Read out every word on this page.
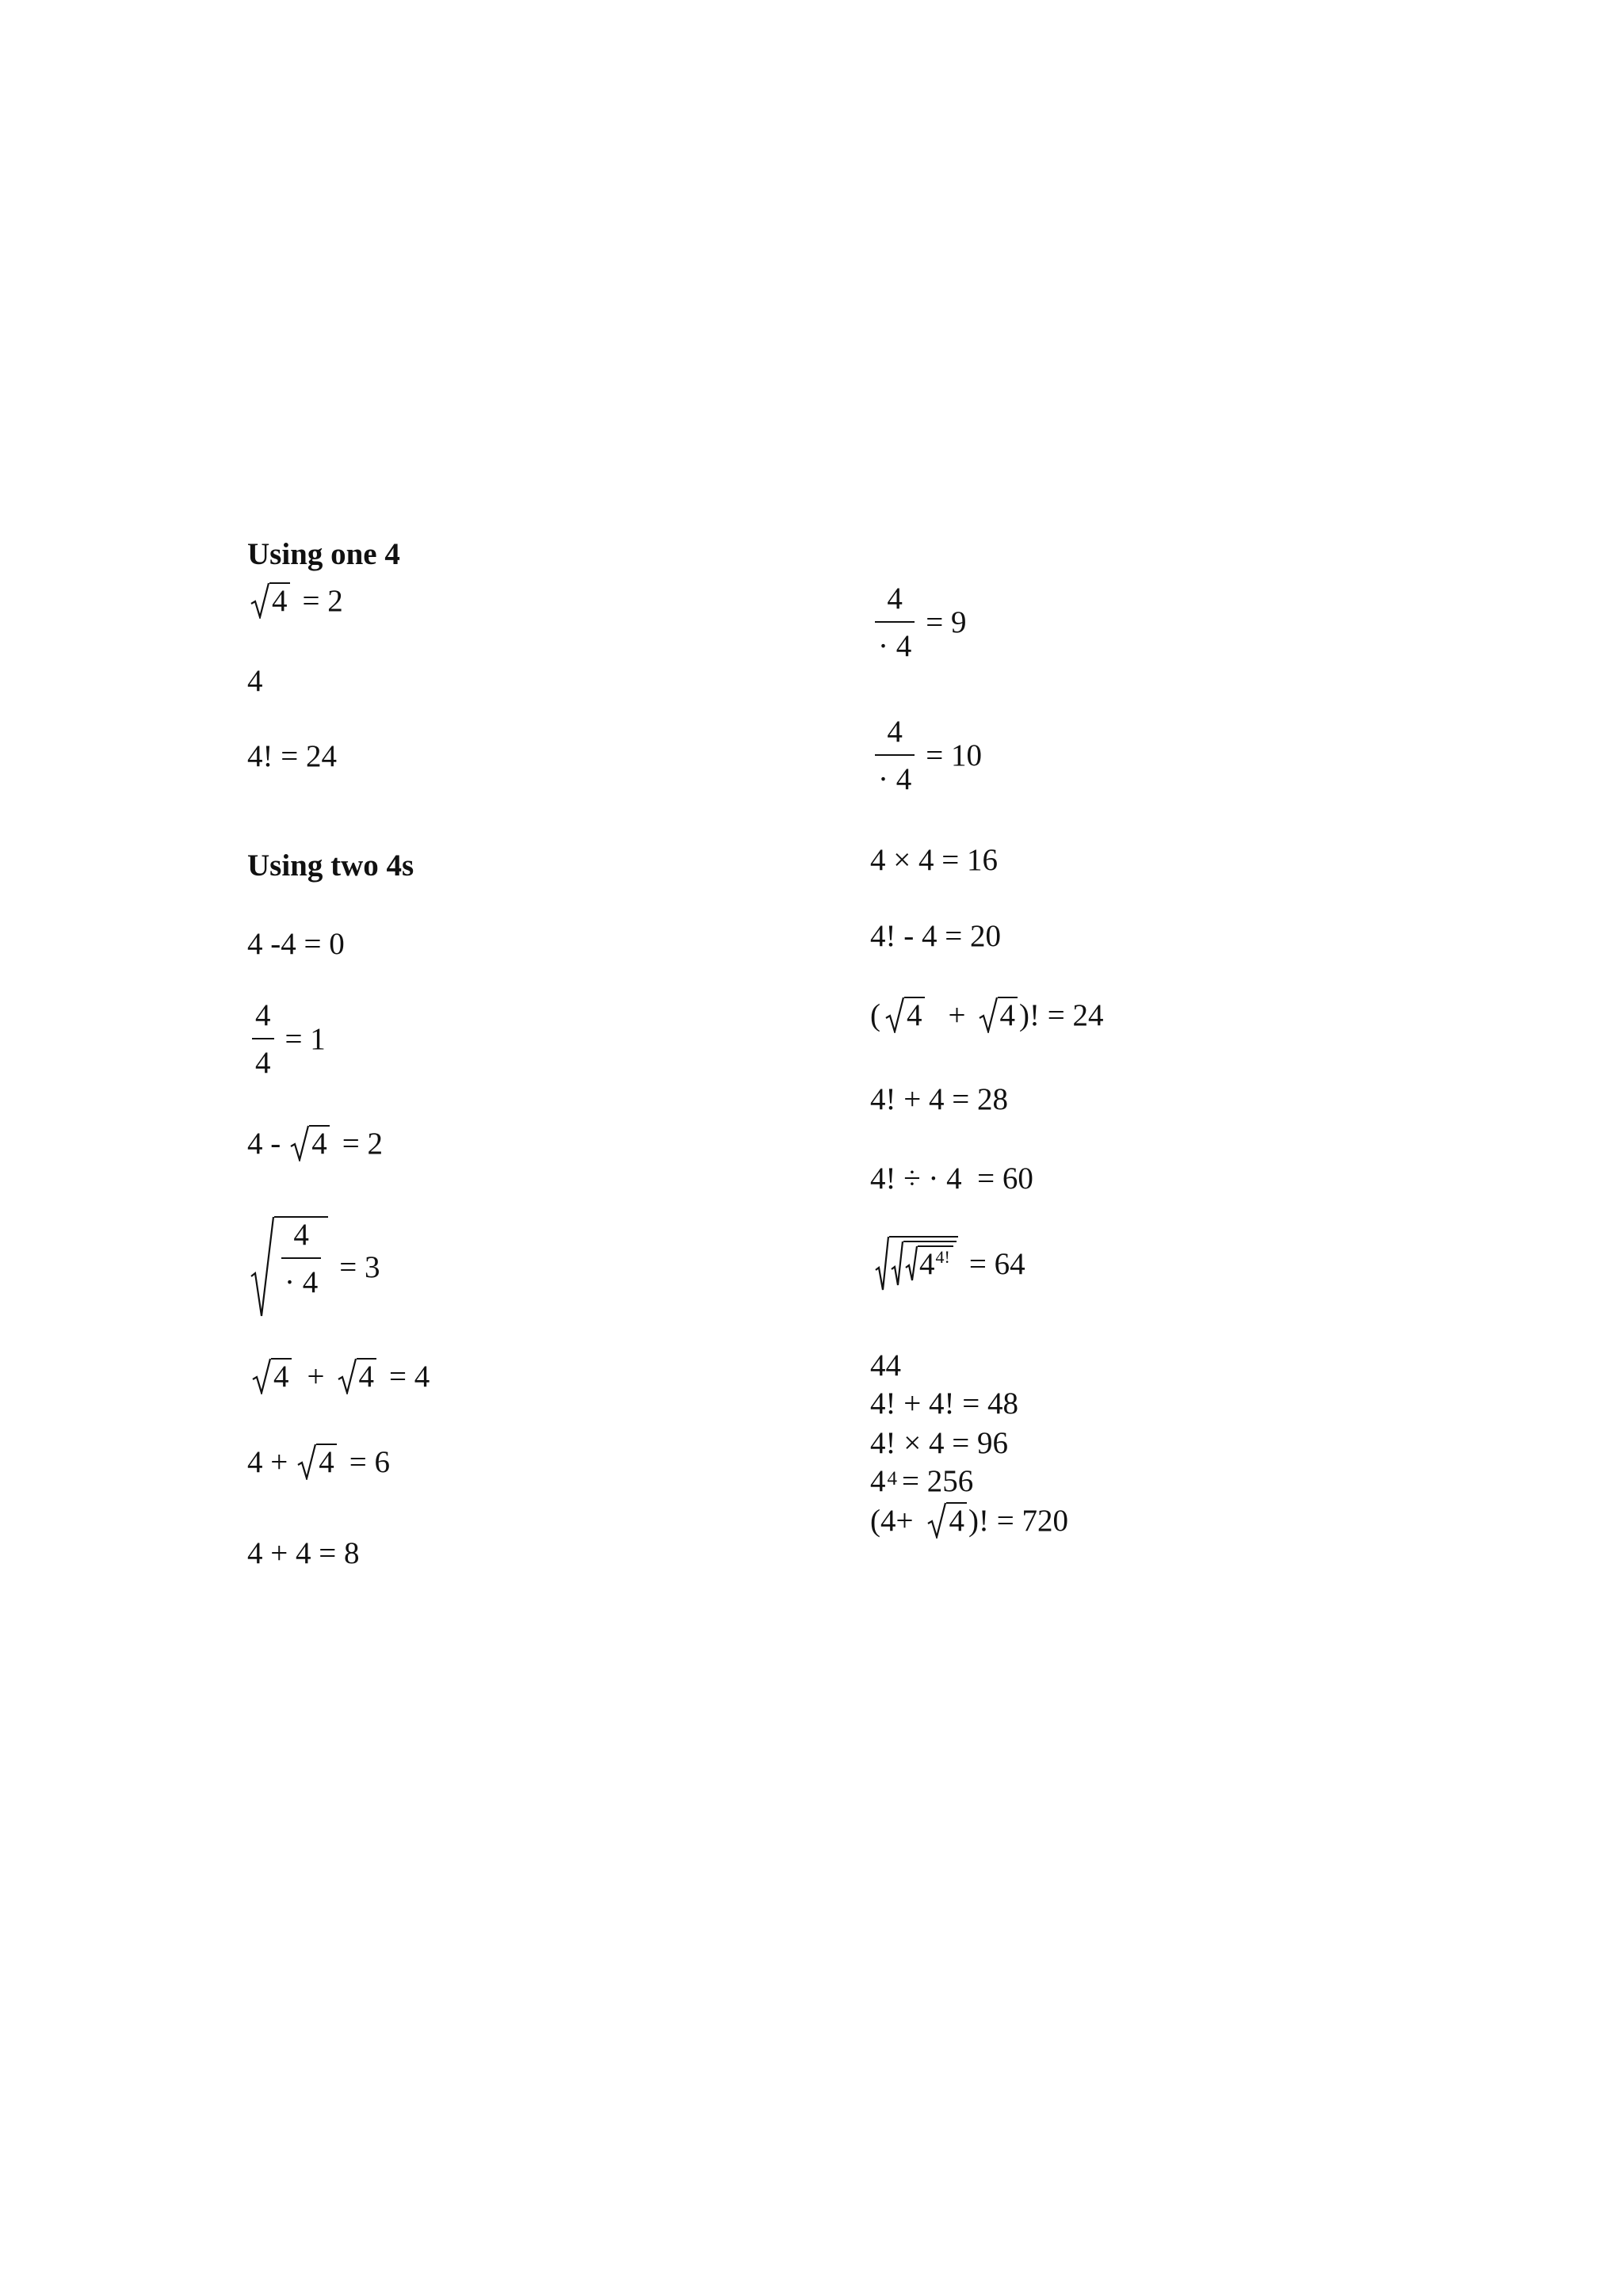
Using one 4
4 = 2
4
4! = 24
Using two 4s
4 -4 = 0
$\frac{4}{4} = 1$
4 - 4 = 2
$\frac{4}{\cdot 4} = 3$
4 + 4 = 4
4 + 4 = 6
4 + 4 = 8
$\frac{4}{\cdot 4} = 9$
$\frac{4}{\cdot 4} = 10$
4 × 4 = 16
4! - 4 = 20
( 4 + 4 )! = 24
4! + 4 = 28
4! ÷ · 4  = 60
4 4! = 64
44
4! + 4! = 48
4! × 4 = 96
4 4 = 256
(4+ 4 )! = 720
